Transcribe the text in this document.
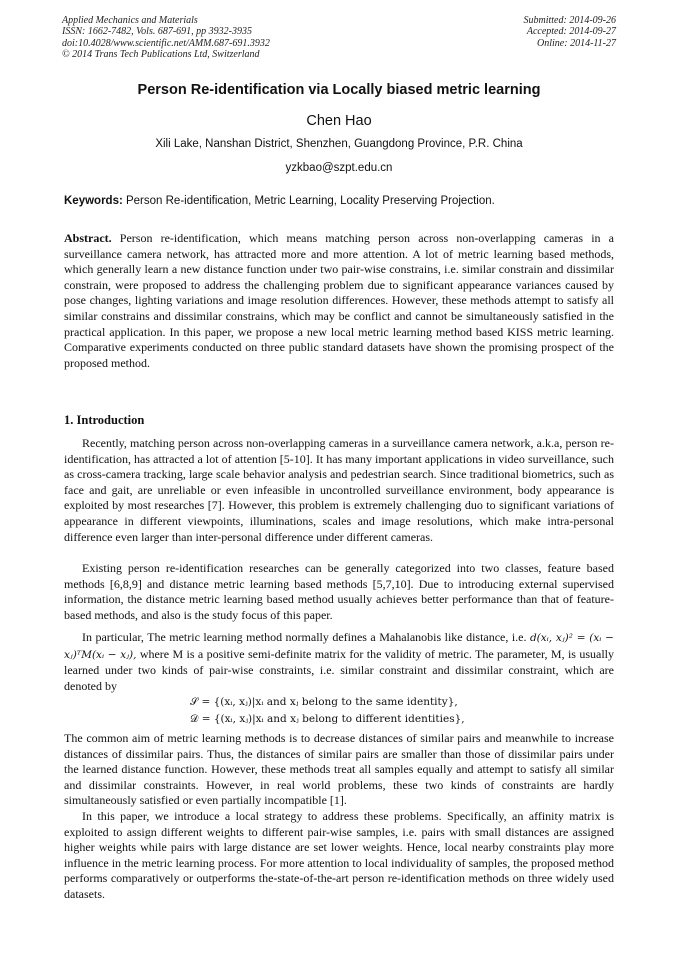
Applied Mechanics and Materials
ISSN: 1662-7482, Vols. 687-691, pp 3932-3935
doi:10.4028/www.scientific.net/AMM.687-691.3932
© 2014 Trans Tech Publications Ltd, Switzerland
Submitted: 2014-09-26
Accepted: 2014-09-27
Online: 2014-11-27
Person Re-identification via Locally biased metric learning
Chen Hao
Xili Lake, Nanshan District, Shenzhen, Guangdong Province, P.R. China
yzkbao@szpt.edu.cn
Keywords: Person Re-identification, Metric Learning, Locality Preserving Projection.

Abstract. Person re-identification, which means matching person across non-overlapping cameras in a surveillance camera network, has attracted more and more attention. A lot of metric learning based methods, which generally learn a new distance function under two pair-wise constrains, i.e. similar constrain and dissimilar constrain, were proposed to address the challenging problem due to significant appearance variances caused by pose changes, lighting variations and image resolution differences. However, these methods attempt to satisfy all similar constrains and dissimilar constrains, which may be conflict and cannot be simultaneously satisfied in the practical application. In this paper, we propose a new local metric learning method based KISS metric learning. Comparative experiments conducted on three public standard datasets have shown the promising prospect of the proposed method.

1. Introduction

Recently, matching person across non-overlapping cameras in a surveillance camera network, a.k.a, person re-identification, has attracted a lot of attention [5-10]. It has many important applications in video surveillance, such as cross-camera tracking, large scale behavior analysis and pedestrian search. Since traditional biometrics, such as face and gait, are unreliable or even infeasible in uncontrolled surveillance environment, body appearance is exploited by most researches [7]. However, this problem is extremely challenging duo to significant variations of appearance in different viewpoints, illuminations, scales and image resolutions, which make intra-personal difference even larger than inter-personal difference under different cameras.

Existing person re-identification researches can be generally categorized into two classes, feature based methods [6,8,9] and distance metric learning based methods [5,7,10]. Due to introducing external supervised information, the distance metric learning based method usually achieves better performance than that of feature-based methods, and also is the study focus of this paper.

In particular, The metric learning method normally defines a Mahalanobis like distance, i.e. d(xᵢ, xⱼ)² = (xᵢ − xⱼ)ᵀM(xᵢ − xⱼ), where M is a positive semi-definite matrix for the validity of metric. The parameter, M, is usually learned under two kinds of pair-wise constraints, i.e. similar constraint and dissimilar constraint, which are denoted by

𝒮 = {(xᵢ, xⱼ)|xᵢ and xⱼ belong to the same identity},
𝒟 = {(xᵢ, xⱼ)|xᵢ and xⱼ belong to different identities},

The common aim of metric learning methods is to decrease distances of similar pairs and meanwhile to increase distances of dissimilar pairs. Thus, the distances of similar pairs are smaller than those of dissimilar pairs under the learned distance function. However, these methods treat all samples equally and attempt to satisfy all similar and dissimilar constraints. However, in real world problems, these two kinds of constraints are hardly simultaneously satisfied or even partially incompatible [1].

In this paper, we introduce a local strategy to address these problems. Specifically, an affinity matrix is exploited to assign different weights to different pair-wise samples, i.e. pairs with small distances are assigned higher weights while pairs with large distance are set lower weights. Hence, local nearby constraints play more influence in the metric learning process. For more attention to local individuality of samples, the proposed method performs comparatively or outperforms the-state-of-the-art person re-identification methods on three widely used datasets.
